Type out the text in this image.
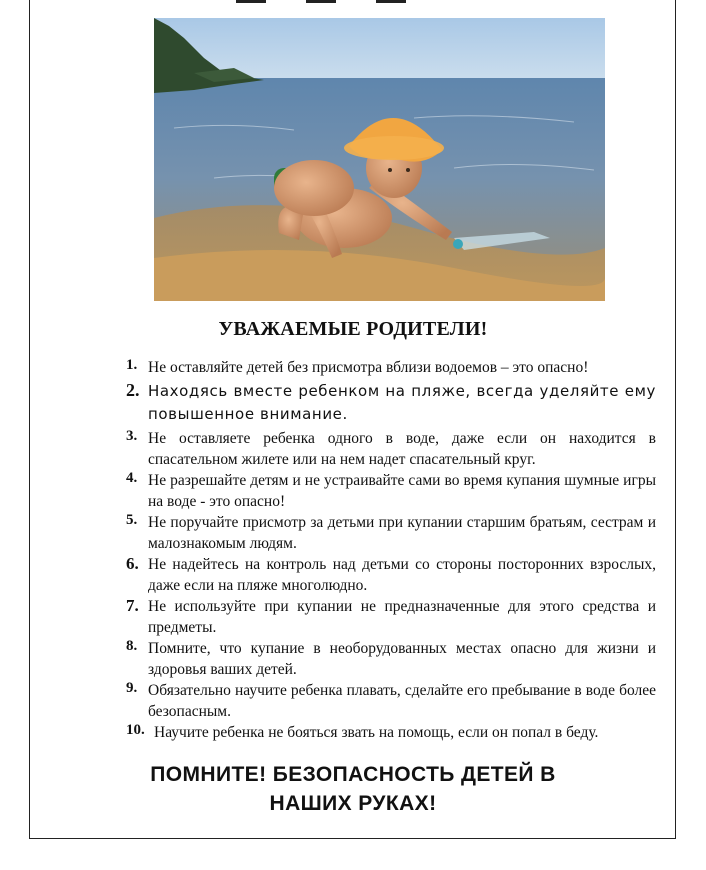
УВАЖАЕМЫЕ РОДИТЕЛИ!
1. Не оставляйте детей без присмотра вблизи водоемов – это опасно!
2. Находясь вместе ребенком на пляже, всегда уделяйте ему повышенное внимание.
3. Не оставляете ребенка одного в воде, даже если он находится в спасательном жилете или на нем надет спасательный круг.
4. Не разрешайте детям и не устраивайте сами во время купания шумные игры на воде - это опасно!
5. Не поручайте присмотр за детьми при купании старшим братьям, сестрам и малознакомым людям.
6. Не надейтесь на контроль над детьми со стороны посторонних взрослых, даже если на пляже многолюдно.
7. Не используйте при купании не предназначенные для этого средства и предметы.
8. Помните, что купание в необорудованных местах опасно для жизни и здоровья ваших детей.
9. Обязательно научите ребенка плавать, сделайте его пребывание в воде более безопасным.
10. Научите ребенка не бояться звать на помощь, если он попал в беду.
ПОМНИТЕ! БЕЗОПАСНОСТЬ ДЕТЕЙ В НАШИХ РУКАХ!
